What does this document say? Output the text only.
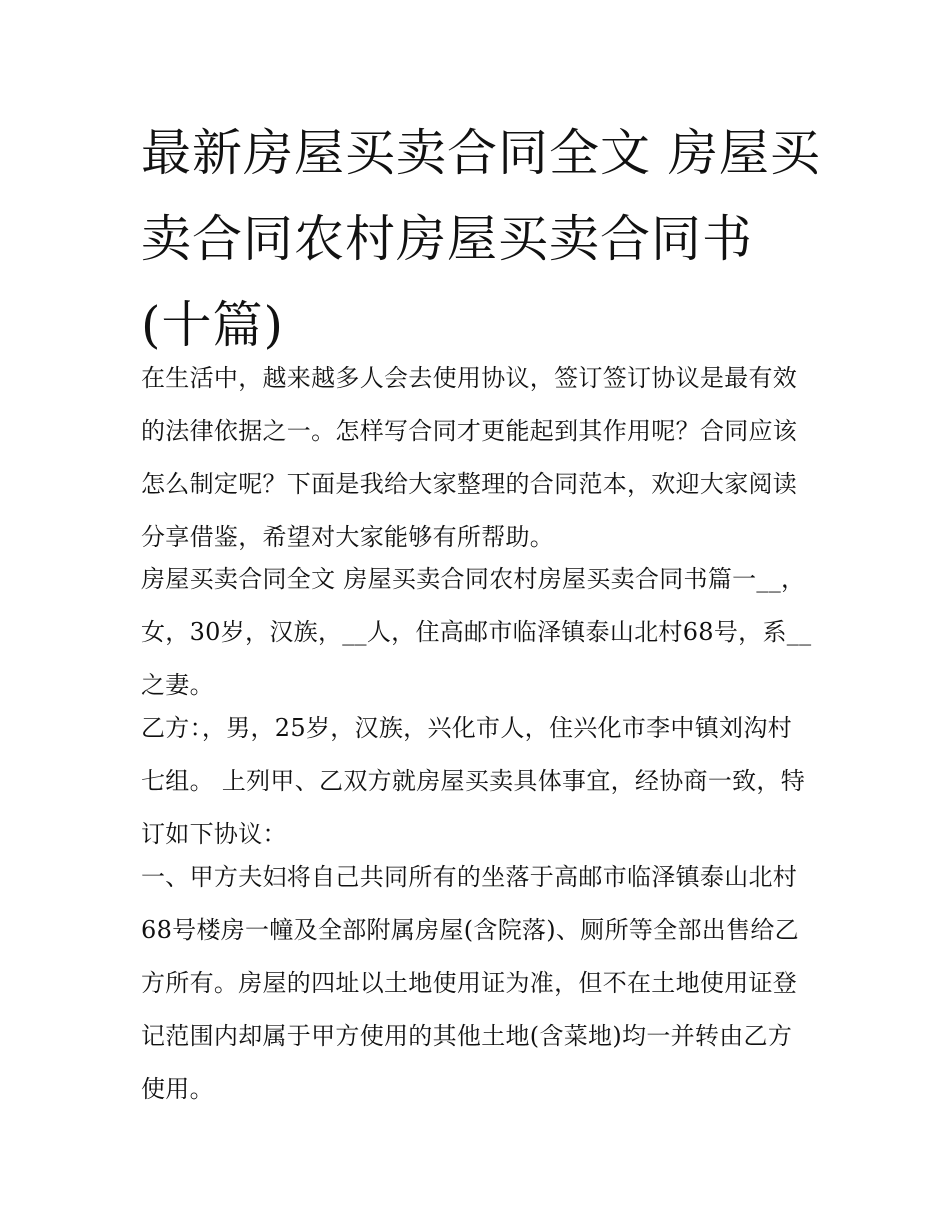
最新房屋买卖合同全文 房屋买卖合同农村房屋买卖合同书(十篇)

在生活中，越来越多人会去使用协议，签订签订协议是最有效的法律依据之一。怎样写合同才更能起到其作用呢？合同应该怎么制定呢？下面是我给大家整理的合同范本，欢迎大家阅读分享借鉴，希望对大家能够有所帮助。

房屋买卖合同全文 房屋买卖合同农村房屋买卖合同书篇一__，女，30岁，汉族，__人，住高邮市临泽镇泰山北村68号，系__之妻。

乙方：，男，25岁，汉族，兴化市人，住兴化市李中镇刘沟村七组。 上列甲、乙双方就房屋买卖具体事宜，经协商一致，特订如下协议：

一、甲方夫妇将自己共同所有的坐落于高邮市临泽镇泰山北村68号楼房一幢及全部附属房屋(含院落)、厕所等全部出售给乙方所有。房屋的四址以土地使用证为准，但不在土地使用证登记范围内却属于甲方使用的其他土地(含菜地)均一并转由乙方使用。
